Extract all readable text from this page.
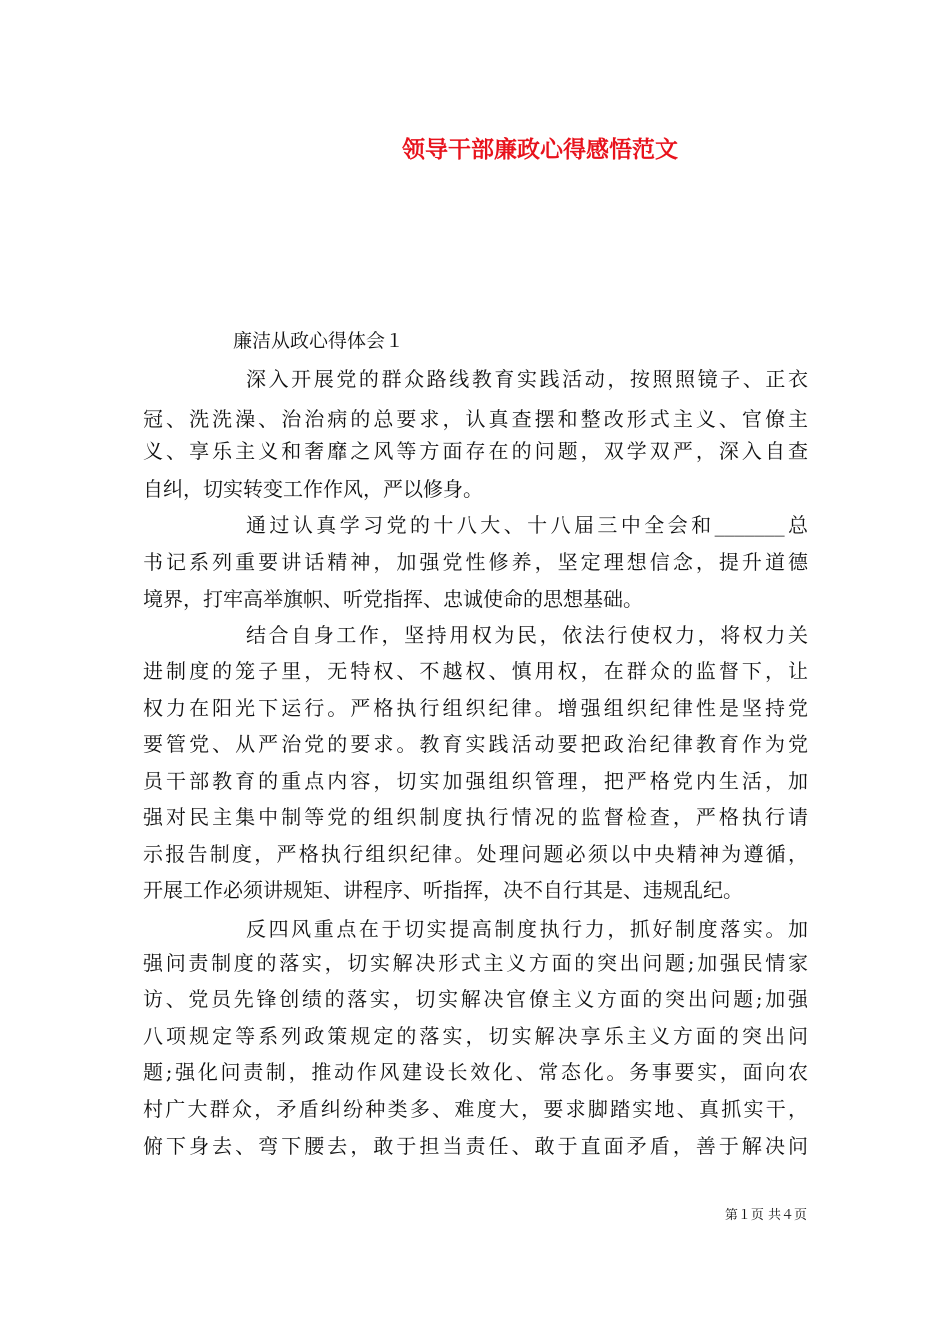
领导干部廉政心得感悟范文
廉洁从政心得体会１
深入开展党的群众路线教育实践活动，按照照镜子、正衣
冠、洗洗澡、治治病的总要求，认真查摆和整改形式主义、官僚主
义、享乐主义和奢靡之风等方面存在的问题，双学双严，深入自查
自纠，切实转变工作作风，严以修身。
通过认真学习党的十八大、十八届三中全会和_______总
书记系列重要讲话精神，加强党性修养，坚定理想信念，提升道德
境界，打牢高举旗帜、听党指挥、忠诚使命的思想基础。
结合自身工作，坚持用权为民，依法行使权力，将权力关
进制度的笼子里，无特权、不越权、慎用权，在群众的监督下，让
权力在阳光下运行。严格执行组织纪律。增强组织纪律性是坚持党
要管党、从严治党的要求。教育实践活动要把政治纪律教育作为党
员干部教育的重点内容，切实加强组织管理，把严格党内生活，加
强对民主集中制等党的组织制度执行情况的监督检查，严格执行请
示报告制度，严格执行组织纪律。处理问题必须以中央精神为遵循，
开展工作必须讲规矩、讲程序、听指挥，决不自行其是、违规乱纪。
反四风重点在于切实提高制度执行力，抓好制度落实。加
强问责制度的落实，切实解决形式主义方面的突出问题;加强民情家
访、党员先锋创绩的落实，切实解决官僚主义方面的突出问题;加强
八项规定等系列政策规定的落实，切实解决享乐主义方面的突出问
题;强化问责制，推动作风建设长效化、常态化。务事要实，面向农
村广大群众，矛盾纠纷种类多、难度大，要求脚踏实地、真抓实干，
俯下身去、弯下腰去，敢于担当责任、敢于直面矛盾，善于解决问
第１页 共４页
